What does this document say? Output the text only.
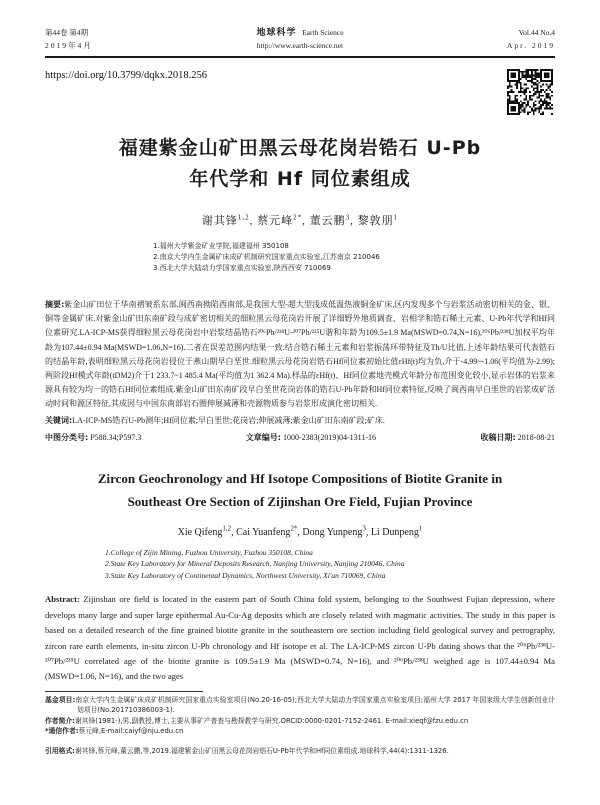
第44卷 第4期
2019年4月
地球科学 Earth Science
http://www.earth-science.net
Vol.44 No.4
Apr. 2019
https://doi.org/10.3799/dqkx.2018.256
福建紫金山矿田黑云母花岗岩锆石 U-Pb
年代学和 Hf 同位素组成
谢其锋$^{1,2}$, 蔡元峰$^{2*}$, 董云鹏$^3$, 黎敦朋$^1$
1.福州大学紫金矿业学院,福建福州 350108
2.南京大学内生金属矿床成矿机制研究国家重点实验室,江苏南京 210046
3.西北大学大陆动力学国家重点实验室,陕西西安 710069

摘要:紫金山矿田位于华南褶皱系东部,闽西南拗陷西南部,是我国大型-超大型浅成低温热液铜金矿床,区内发现多个与岩浆活动密切相关的金、银、铜等金属矿床.对紫金山矿田东南矿段与成矿密切相关的细粒黑云母花岗岩开展了详细野外地质调查、岩相学和锆石稀土元素、U-Pb年代学和Hf同位素研究.LA-ICP-MS获得细粒黑云母花岗岩中岩浆结晶锆石²⁰⁶Pb/²³⁸U-²⁰⁷Pb/²³⁵U谐和年龄为109.5±1.9 Ma(MSWD=0.74,N=16),²⁰⁶Pb/²³⁸U加权平均年龄为107.44±0.94 Ma(MSWD=1.06,N=16).二者在误差范围内结果一致.结合锆石稀土元素和岩浆振荡环带特征及Th/U比值,上述年龄结果可代表锆石的结晶年龄,表明细粒黑云母花岗岩侵位于燕山期早白垩世.细粒黑云母花岗岩锆石Hf同位素初始比值εHf(t)均为负,介于-4.99~-1.06(平均值为-2.99);两阶段Hf模式年龄(tDM2)介于1 233.7~1 485.4 Ma(平均值为1 362.4 Ma).样品的εHf(t)、Hf同位素地壳模式年龄分布范围变化较小,显示岩体的岩浆来源具有较为均一的锆石Hf同位素组成.紫金山矿田东南矿段早白垩世花岗岩体的锆石U-Pb年龄和Hf同位素特征,反映了闽西南早白垩世的岩浆成矿活动时间和源区特征,其成因与中国东南部岩石圈伸展减薄和壳源物质参与岩浆形成演化密切相关.

关键词:LA-ICP-MS锆石U-Pb测年;Hf同位素;早白垩世;花岗岩;伸展减薄;紫金山矿田东南矿段;矿床.

中图分类号: P588.34;P597.3	文章编号: 1000-2383(2019)04-1311-16	收稿日期: 2018-08-21
Zircon Geochronology and Hf Isotope Compositions of Biotite Granite in
Southeast Ore Section of Zijinshan Ore Field, Fujian Province
Xie Qifeng$^{1,2}$, Cai Yuanfeng$^{2*}$, Dong Yunpeng$^3$, Li Dunpeng$^1$
1.College of Zijin Mining, Fuzhou University, Fuzhou 350108, China
2.State Key Laboratory for Mineral Deposits Research, Nanjing University, Nanjing 210046, China
3.State Key Laboratory of Continental Dynamics, Northwest University, Xi'an 710069, China

Abstract: Zijinshan ore field is located in the eastern part of South China fold system, belonging to the Southwest Fujian depression, where develops many large and super large epithermal Au-Cu-Ag deposits which are closely related with magmatic activities. The study in this paper is based on a detailed research of the fine grained biotite granite in the southeastern ore section including field geological survey and petrography, zircon rare earth elements, in-situ zircon U-Pb chronology and Hf isotope et al. The LA-ICP-MS zircon U-Pb dating shows that the ²⁰⁶Pb/²³⁸U-²⁰⁷Pb/²³⁵U correlated age of the biotite granite is 109.5±1.9 Ma (MSWD=0.74, N=16), and ²⁰⁶Pb/²³⁸U weighed age is 107.44±0.94 Ma (MSWD=1.06, N=16), and the two ages

基金项目:南京大学内生金属矿床成矿机制研究国家重点实验室项目(No.20-16-05);西北大学大陆动力学国家重点实验室项目;福州大学 2017 年国家级大学生创新创业计划项目(No.201710386003-1).

作者简介:谢其锋(1981-),男,副教授,博士,主要从事矿产普查与勘探教学与研究.ORCID:0000-0201-7152-2461. E-mail:xieqf@fzu.edu.cn

*通信作者:蔡元峰,E-mail:caiyf@nju.edu.cn

引用格式:谢其锋,蔡元峰,董云鹏,等,2019.福建紫金山矿田黑云母花岗岩锆石U-Pb年代学和Hf同位素组成.地球科学,44(4):1311-1326.
